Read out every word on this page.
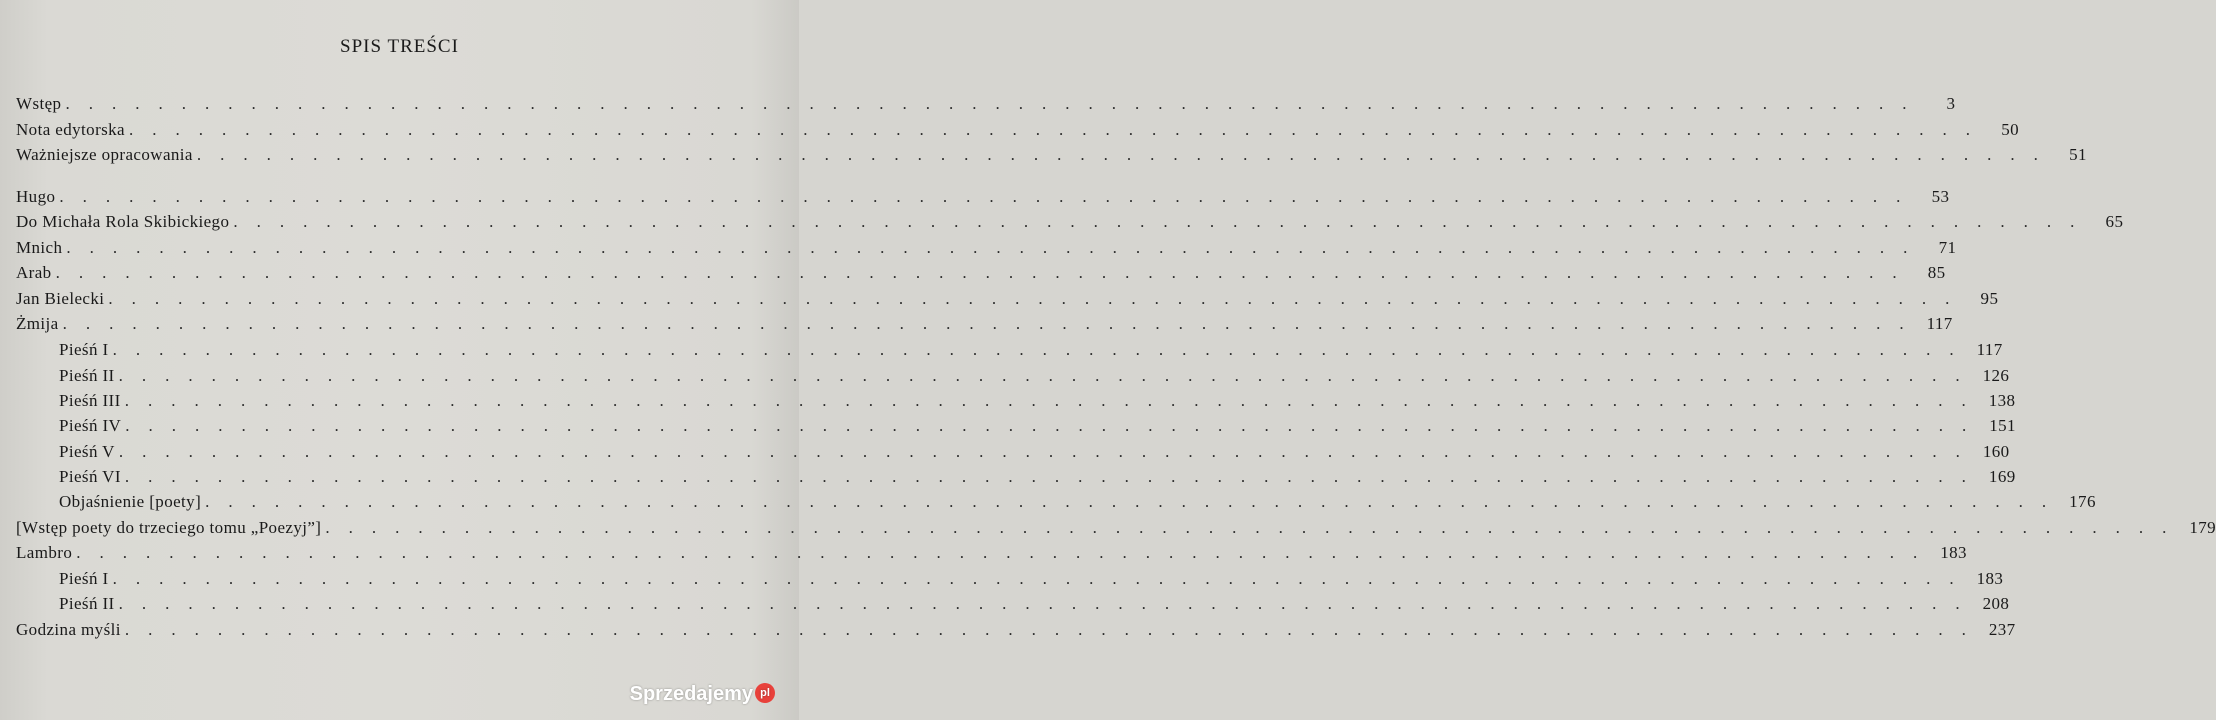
SPIS TREŚCI
Wstęp ................................................................................	3
Nota edytorska ................................................................................ 50
Ważniejsze opracowania ................................................................................ 51
Hugo ................................................................................ 53
Do Michała Rola Skibickiego ................................................................................ 65
Mnich ................................................................................ 71
Arab ................................................................................ 85
Jan Bielecki ................................................................................ 95
Żmija ................................................................................ 117
Pieśń I ................................................................................ 117
Pieśń II ................................................................................ 126
Pieśń III ................................................................................ 138
Pieśń IV ................................................................................ 151
Pieśń V ................................................................................ 160
Pieśń VI ................................................................................ 169
Objaśnienie [poety] ................................................................................ 176
[Wstęp poety do trzeciego tomu „Poezyj”] ................................................................................ 179
Lambro ................................................................................ 183
Pieśń I ................................................................................ 183
Pieśń II ................................................................................ 208
Godzina myśli ................................................................................ 237
Sprzedajemy pl
